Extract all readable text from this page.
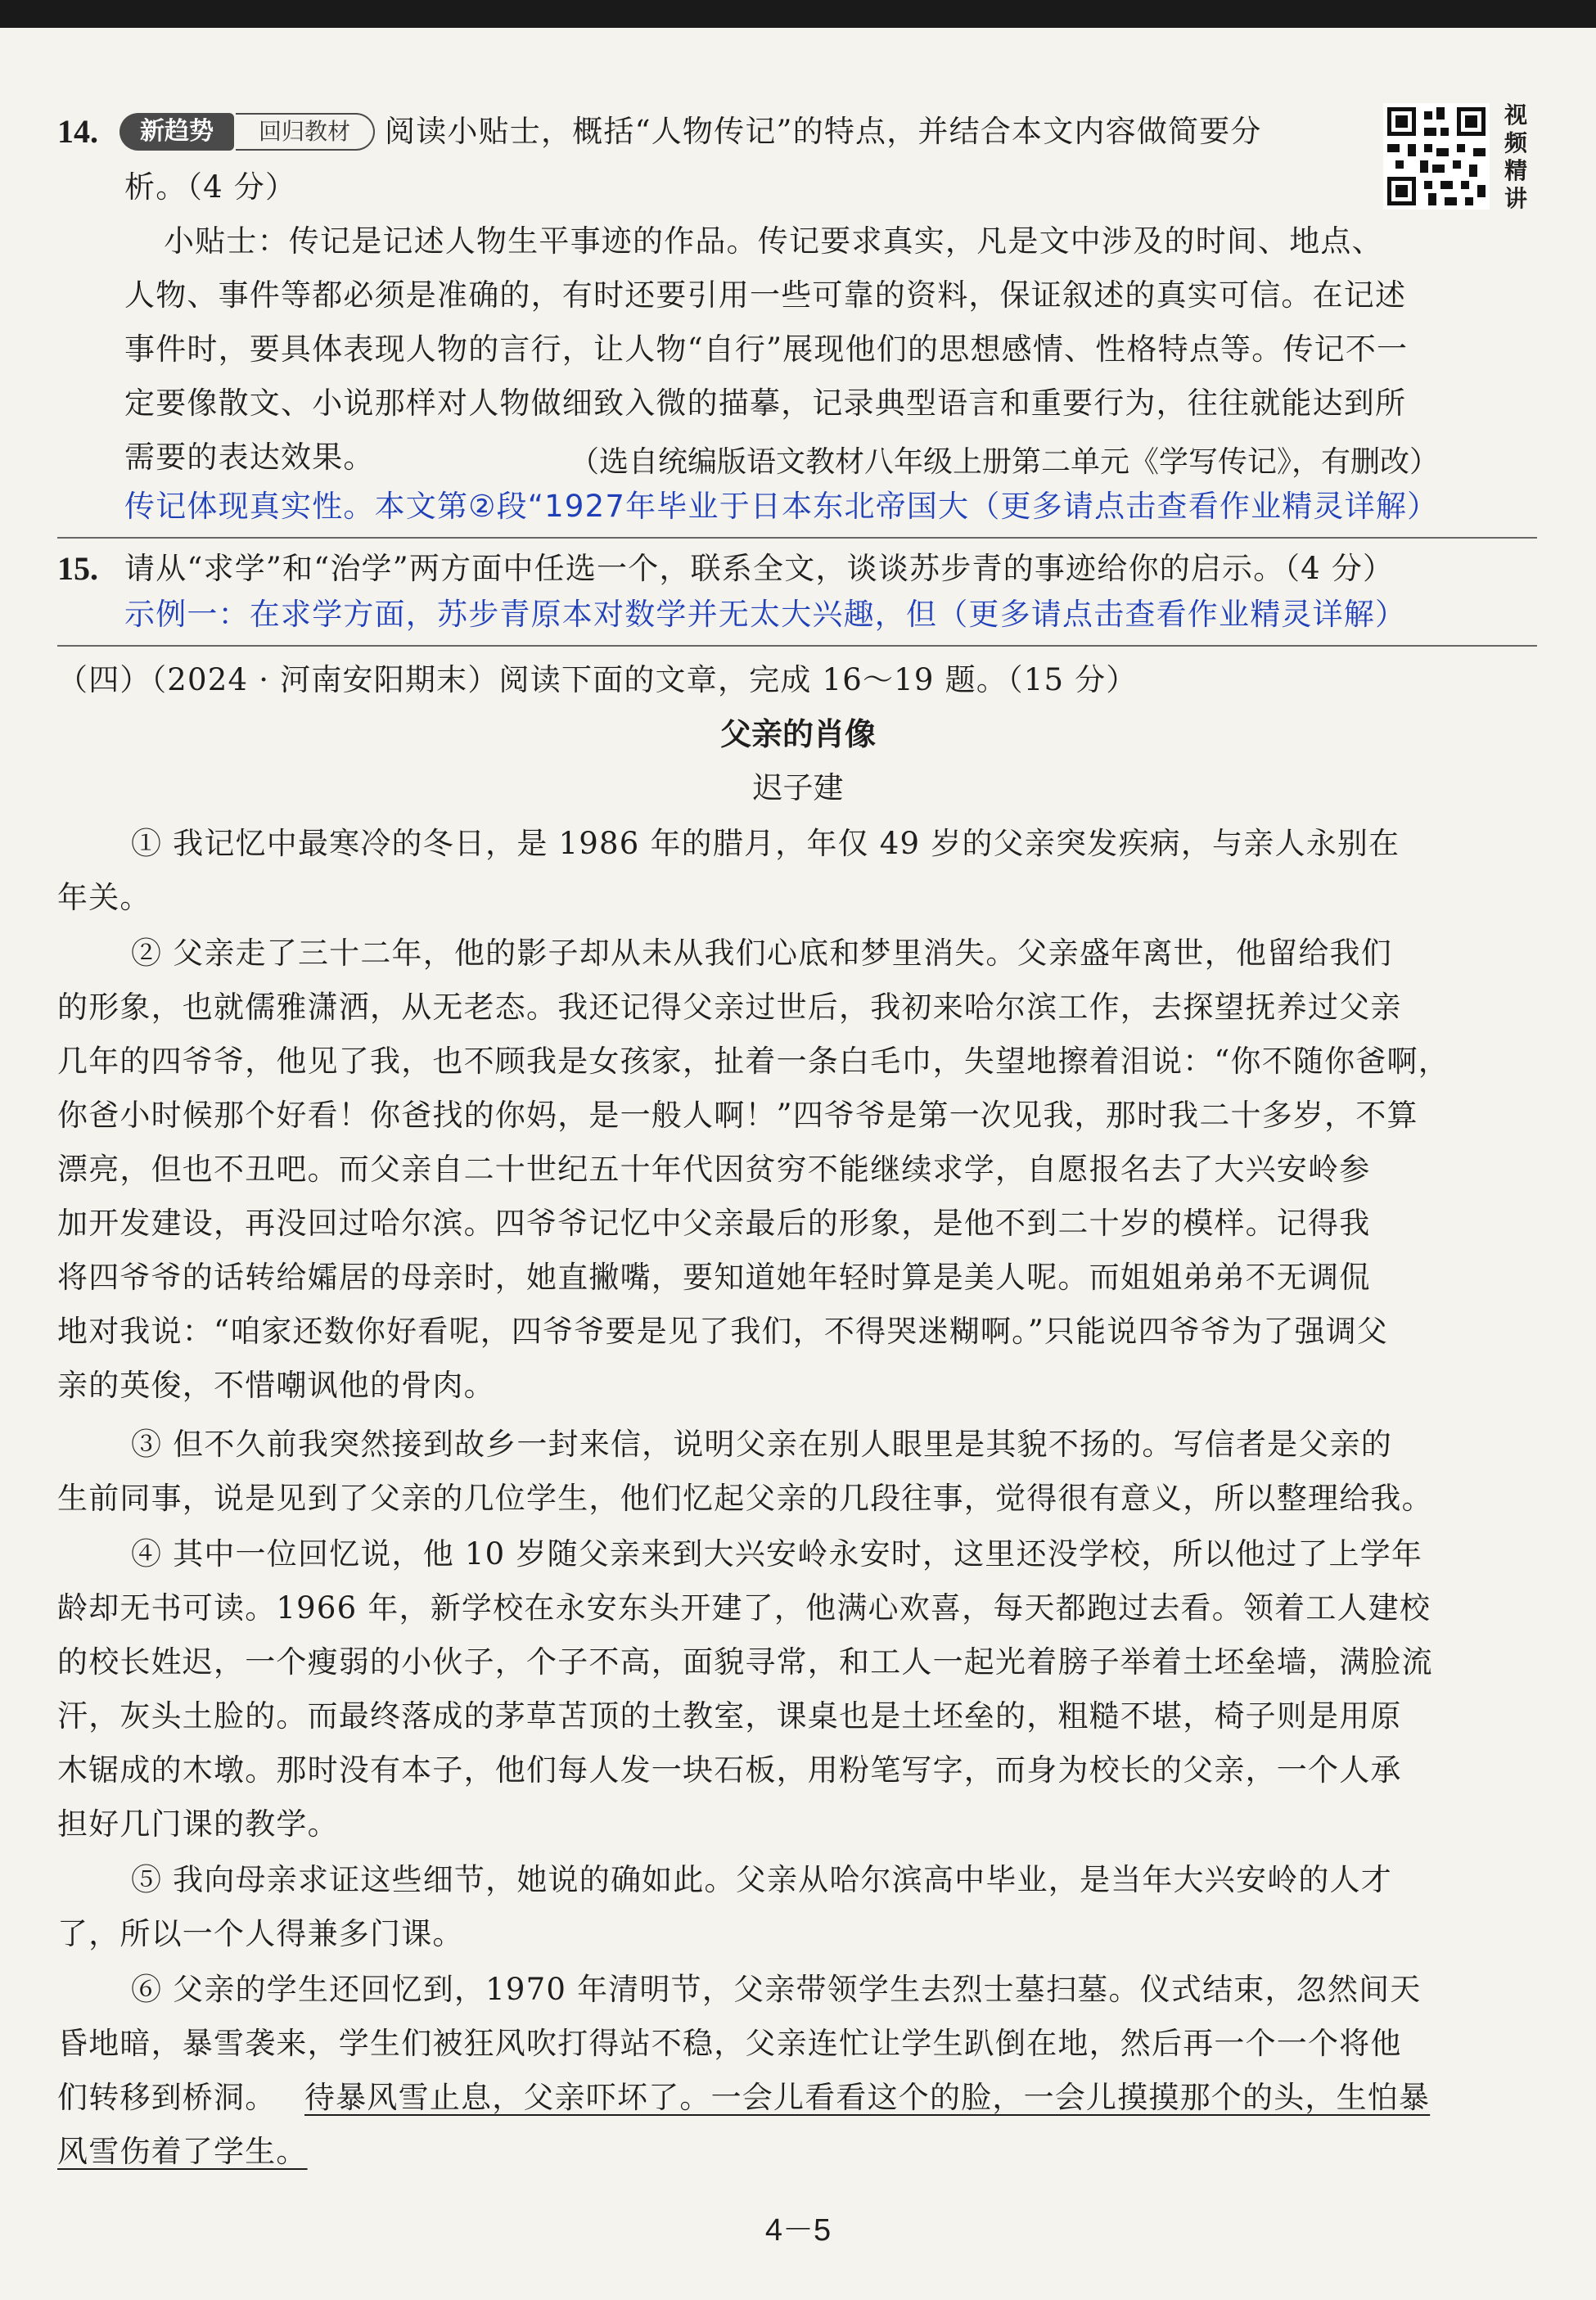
14.	新趋势	回归教材	阅读小贴士，概括“人物传记”的特点，并结合本文内容做简要分
析。（4 分）
视
频
精
讲
小贴士：传记是记述人物生平事迹的作品。传记要求真实，凡是文中涉及的时间、地点、
人物、事件等都必须是准确的，有时还要引用一些可靠的资料，保证叙述的真实可信。在记述
事件时，要具体表现人物的言行，让人物“自行”展现他们的思想感情、性格特点等。传记不一
定要像散文、小说那样对人物做细致入微的描摹，记录典型语言和重要行为，往往就能达到所
需要的表达效果。	（选自统编版语文教材八年级上册第二单元《学写传记》，有删改）
传记体现真实性。本文第②段“1927年毕业于日本东北帝国大（更多请点击查看作业精灵详解）
15. 请从“求学”和“治学”两方面中任选一个，联系全文，谈谈苏步青的事迹给你的启示。（4 分）
示例一：在求学方面，苏步青原本对数学并无太大兴趣，但（更多请点击查看作业精灵详解）
（四）（2024 · 河南安阳期末）阅读下面的文章，完成 16～19 题。（15 分）
父亲的肖像
迟子建
① 我记忆中最寒冷的冬日，是 1986 年的腊月，年仅 49 岁的父亲突发疾病，与亲人永别在
年关。
② 父亲走了三十二年，他的影子却从未从我们心底和梦里消失。父亲盛年离世，他留给我们
的形象，也就儒雅潇洒，从无老态。我还记得父亲过世后，我初来哈尔滨工作，去探望抚养过父亲
几年的四爷爷，他见了我，也不顾我是女孩家，扯着一条白毛巾，失望地擦着泪说：“你不随你爸啊，
你爸小时候那个好看！你爸找的你妈，是一般人啊！”四爷爷是第一次见我，那时我二十多岁，不算
漂亮，但也不丑吧。而父亲自二十世纪五十年代因贫穷不能继续求学，自愿报名去了大兴安岭参
加开发建设，再没回过哈尔滨。四爷爷记忆中父亲最后的形象，是他不到二十岁的模样。记得我
将四爷爷的话转给孀居的母亲时，她直撇嘴，要知道她年轻时算是美人呢。而姐姐弟弟不无调侃
地对我说：“咱家还数你好看呢，四爷爷要是见了我们，不得哭迷糊啊。”只能说四爷爷为了强调父
亲的英俊，不惜嘲讽他的骨肉。
③ 但不久前我突然接到故乡一封来信，说明父亲在别人眼里是其貌不扬的。写信者是父亲的
生前同事，说是见到了父亲的几位学生，他们忆起父亲的几段往事，觉得很有意义，所以整理给我。
④ 其中一位回忆说，他 10 岁随父亲来到大兴安岭永安时，这里还没学校，所以他过了上学年
龄却无书可读。1966 年，新学校在永安东头开建了，他满心欢喜，每天都跑过去看。领着工人建校
的校长姓迟，一个瘦弱的小伙子，个子不高，面貌寻常，和工人一起光着膀子举着土坯垒墙，满脸流
汗，灰头土脸的。而最终落成的茅草苫顶的土教室，课桌也是土坯垒的，粗糙不堪，椅子则是用原
木锯成的木墩。那时没有本子，他们每人发一块石板，用粉笔写字，而身为校长的父亲，一个人承
担好几门课的教学。
⑤ 我向母亲求证这些细节，她说的确如此。父亲从哈尔滨高中毕业，是当年大兴安岭的人才
了，所以一个人得兼多门课。
⑥ 父亲的学生还回忆到，1970 年清明节，父亲带领学生去烈士墓扫墓。仪式结束，忽然间天
昏地暗，暴雪袭来，学生们被狂风吹打得站不稳，父亲连忙让学生趴倒在地，然后再一个一个将他
们转移到桥洞。 待暴风雪止息，父亲吓坏了。一会儿看看这个的脸，一会儿摸摸那个的头，生怕暴
风雪伤着了学生。
4－5
